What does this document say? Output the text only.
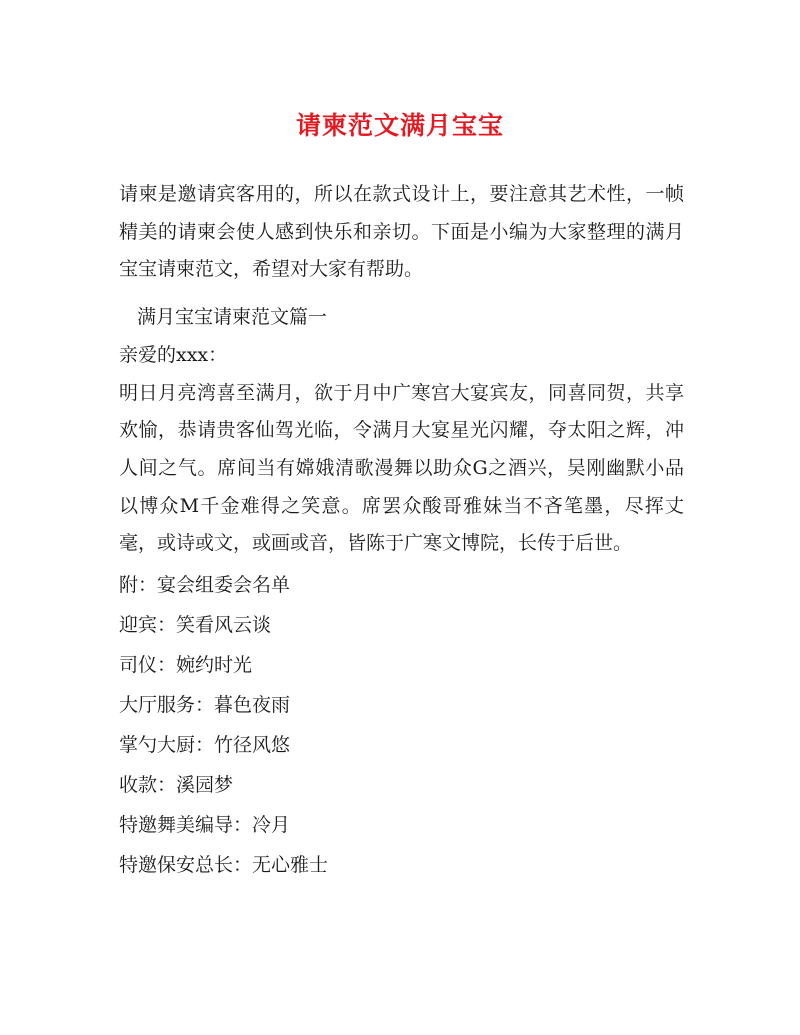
请柬范文满月宝宝

请柬是邀请宾客用的，所以在款式设计上，要注意其艺术性，一帧精美的请柬会使人感到快乐和亲切。下面是小编为大家整理的满月宝宝请柬范文，希望对大家有帮助。

满月宝宝请柬范文篇一

亲爱的xxx：

明日月亮湾喜至满月，欲于月中广寒宫大宴宾友，同喜同贺，共享欢愉，恭请贵客仙驾光临，令满月大宴星光闪耀，夺太阳之辉，冲人间之气。席间当有嫦娥清歌漫舞以助众G之酒兴，吴刚幽默小品以博众M千金难得之笑意。席罢众酸哥雅妹当不吝笔墨，尽挥丈毫，或诗或文，或画或音，皆陈于广寒文博院，长传于后世。

附：宴会组委会名单

迎宾：笑看风云谈

司仪：婉约时光

大厅服务：暮色夜雨

掌勺大厨：竹径风悠

收款：溪园梦

特邀舞美编导：冷月

特邀保安总长：无心雅士
